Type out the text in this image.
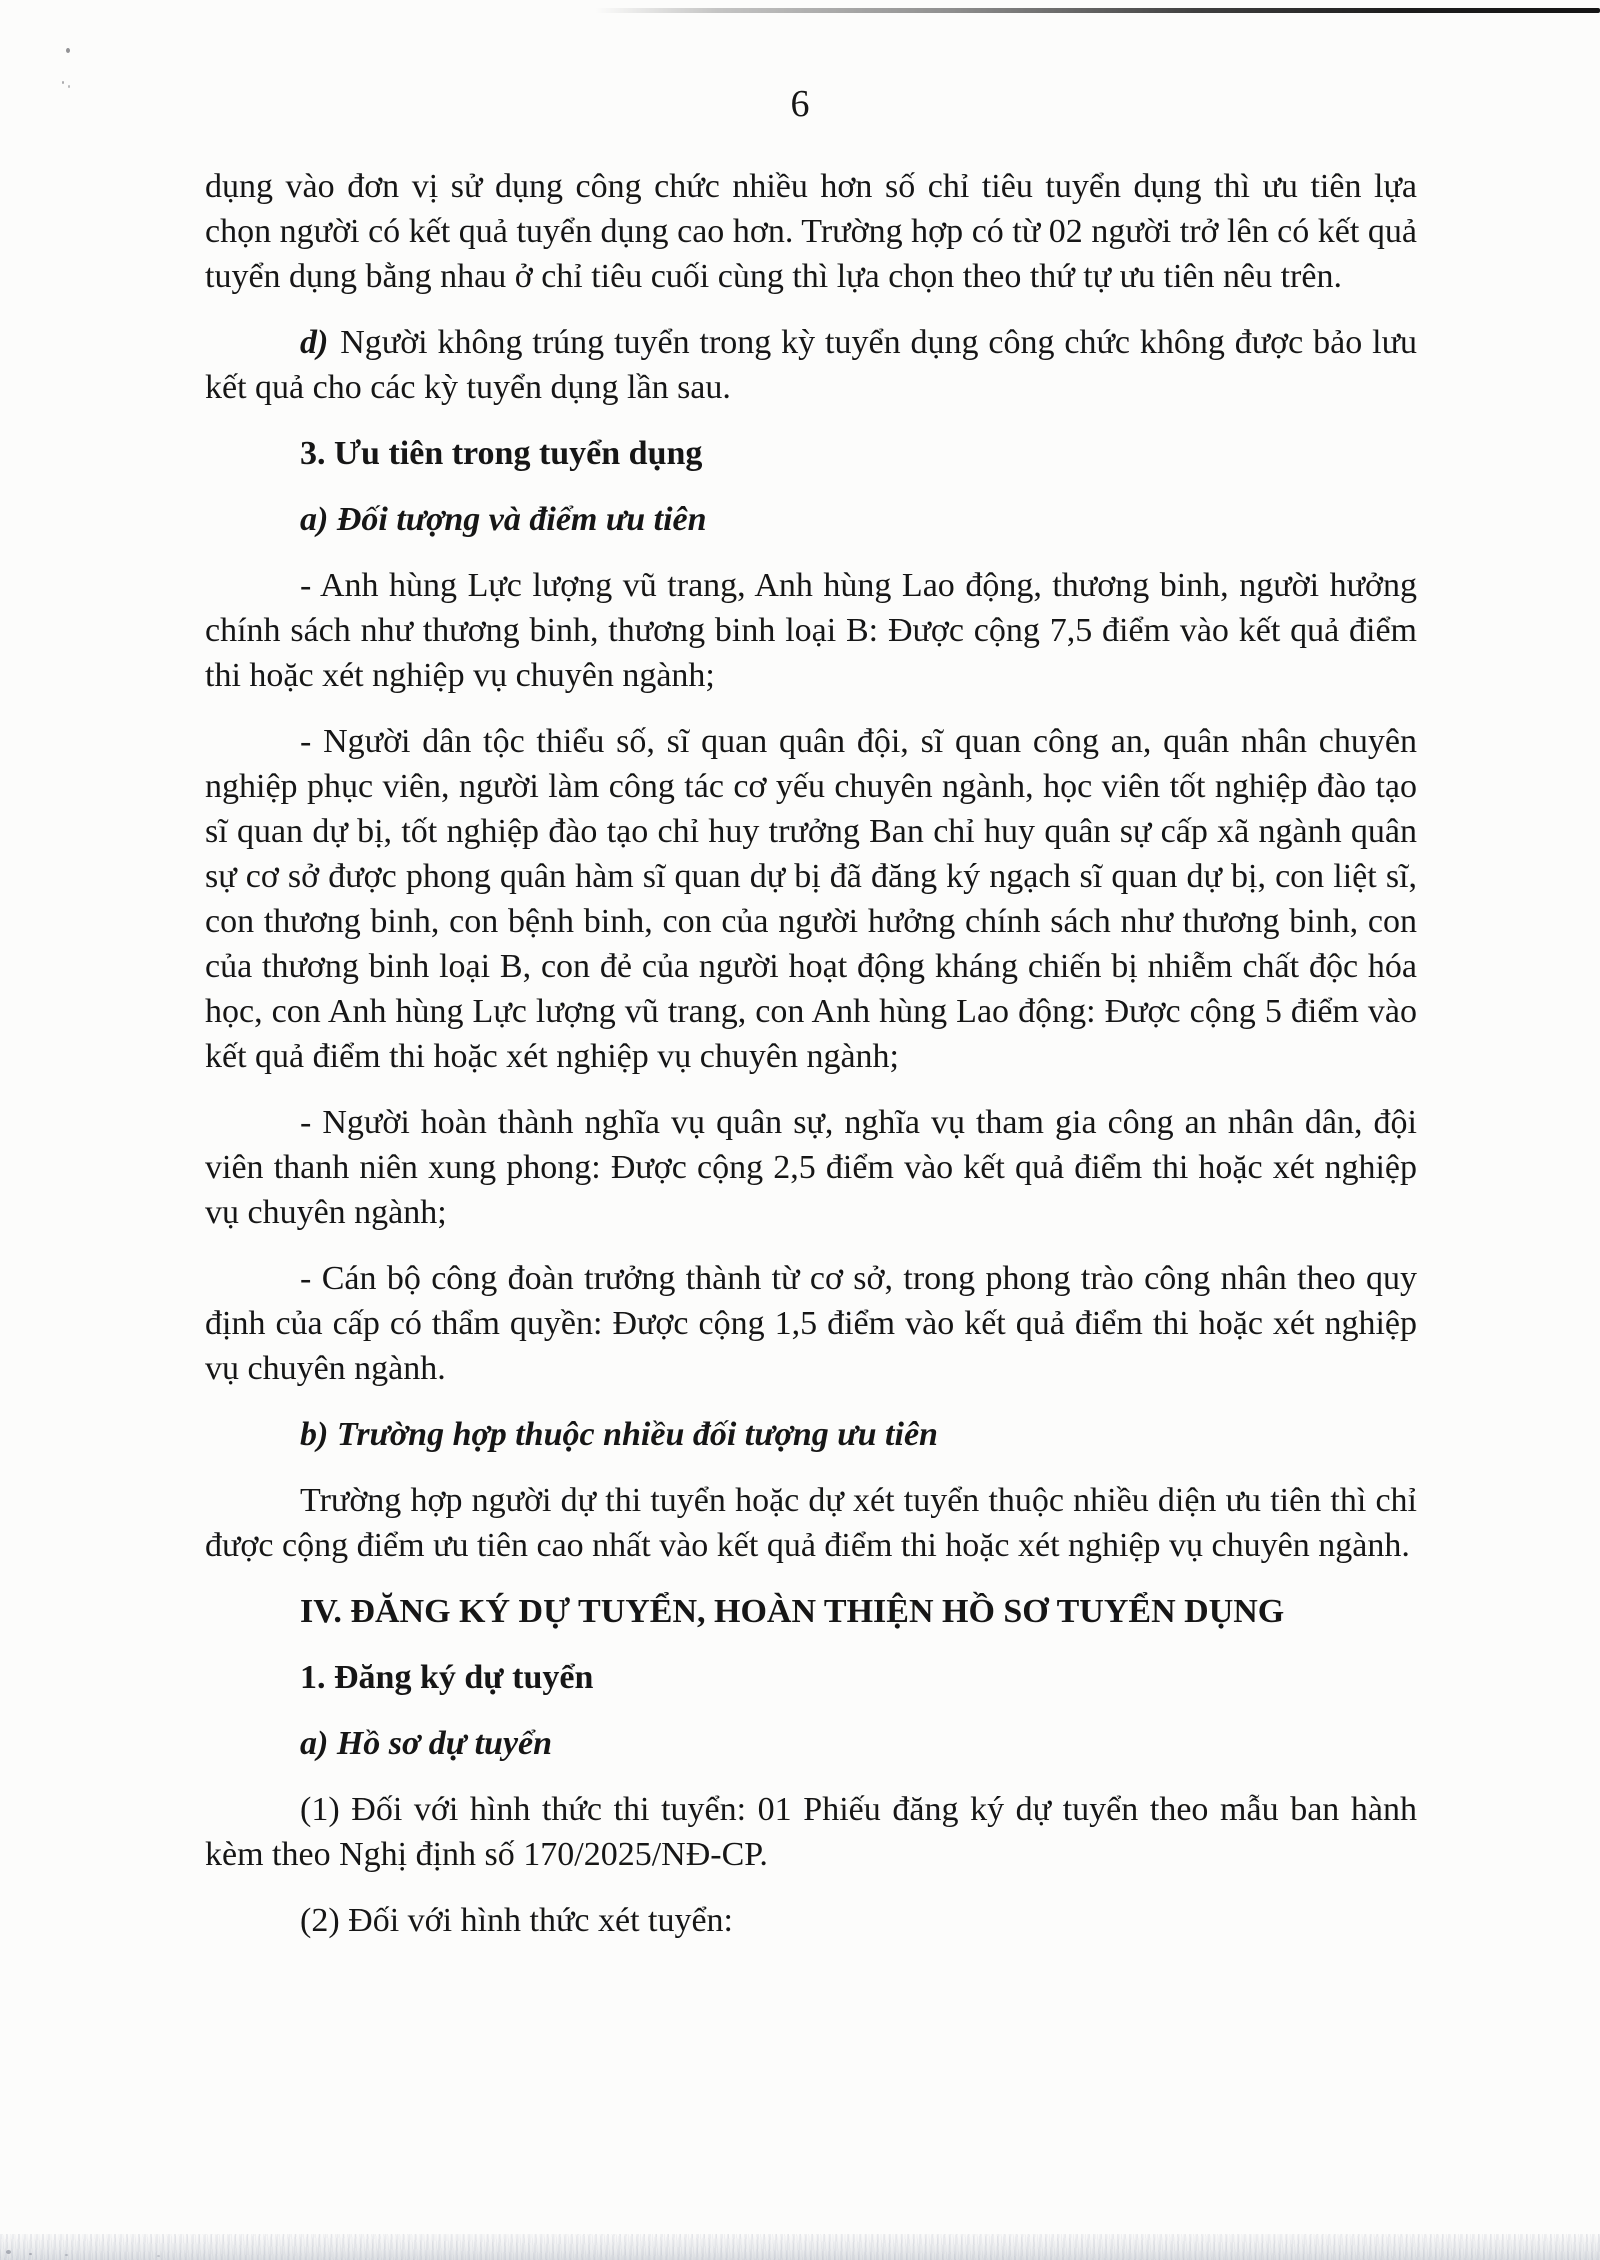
6

dụng vào đơn vị sử dụng công chức nhiều hơn số chỉ tiêu tuyển dụng thì ưu tiên lựa chọn người có kết quả tuyển dụng cao hơn. Trường hợp có từ 02 người trở lên có kết quả tuyển dụng bằng nhau ở chỉ tiêu cuối cùng thì lựa chọn theo thứ tự ưu tiên nêu trên.

d) Người không trúng tuyển trong kỳ tuyển dụng công chức không được bảo lưu kết quả cho các kỳ tuyển dụng lần sau.

3. Ưu tiên trong tuyển dụng

a) Đối tượng và điểm ưu tiên

- Anh hùng Lực lượng vũ trang, Anh hùng Lao động, thương binh, người hưởng chính sách như thương binh, thương binh loại B: Được cộng 7,5 điểm vào kết quả điểm thi hoặc xét nghiệp vụ chuyên ngành;

- Người dân tộc thiểu số, sĩ quan quân đội, sĩ quan công an, quân nhân chuyên nghiệp phục viên, người làm công tác cơ yếu chuyên ngành, học viên tốt nghiệp đào tạo sĩ quan dự bị, tốt nghiệp đào tạo chỉ huy trưởng Ban chỉ huy quân sự cấp xã ngành quân sự cơ sở được phong quân hàm sĩ quan dự bị đã đăng ký ngạch sĩ quan dự bị, con liệt sĩ, con thương binh, con bệnh binh, con của người hưởng chính sách như thương binh, con của thương binh loại B, con đẻ của người hoạt động kháng chiến bị nhiễm chất độc hóa học, con Anh hùng Lực lượng vũ trang, con Anh hùng Lao động: Được cộng 5 điểm vào kết quả điểm thi hoặc xét nghiệp vụ chuyên ngành;

- Người hoàn thành nghĩa vụ quân sự, nghĩa vụ tham gia công an nhân dân, đội viên thanh niên xung phong: Được cộng 2,5 điểm vào kết quả điểm thi hoặc xét nghiệp vụ chuyên ngành;

- Cán bộ công đoàn trưởng thành từ cơ sở, trong phong trào công nhân theo quy định của cấp có thẩm quyền: Được cộng 1,5 điểm vào kết quả điểm thi hoặc xét nghiệp vụ chuyên ngành.

b) Trường hợp thuộc nhiều đối tượng ưu tiên

Trường hợp người dự thi tuyển hoặc dự xét tuyển thuộc nhiều diện ưu tiên thì chỉ được cộng điểm ưu tiên cao nhất vào kết quả điểm thi hoặc xét nghiệp vụ chuyên ngành.

IV. ĐĂNG KÝ DỰ TUYỂN, HOÀN THIỆN HỒ SƠ TUYỂN DỤNG

1. Đăng ký dự tuyển

a) Hồ sơ dự tuyển

(1) Đối với hình thức thi tuyển: 01 Phiếu đăng ký dự tuyển theo mẫu ban hành kèm theo Nghị định số 170/2025/NĐ-CP.

(2) Đối với hình thức xét tuyển:
